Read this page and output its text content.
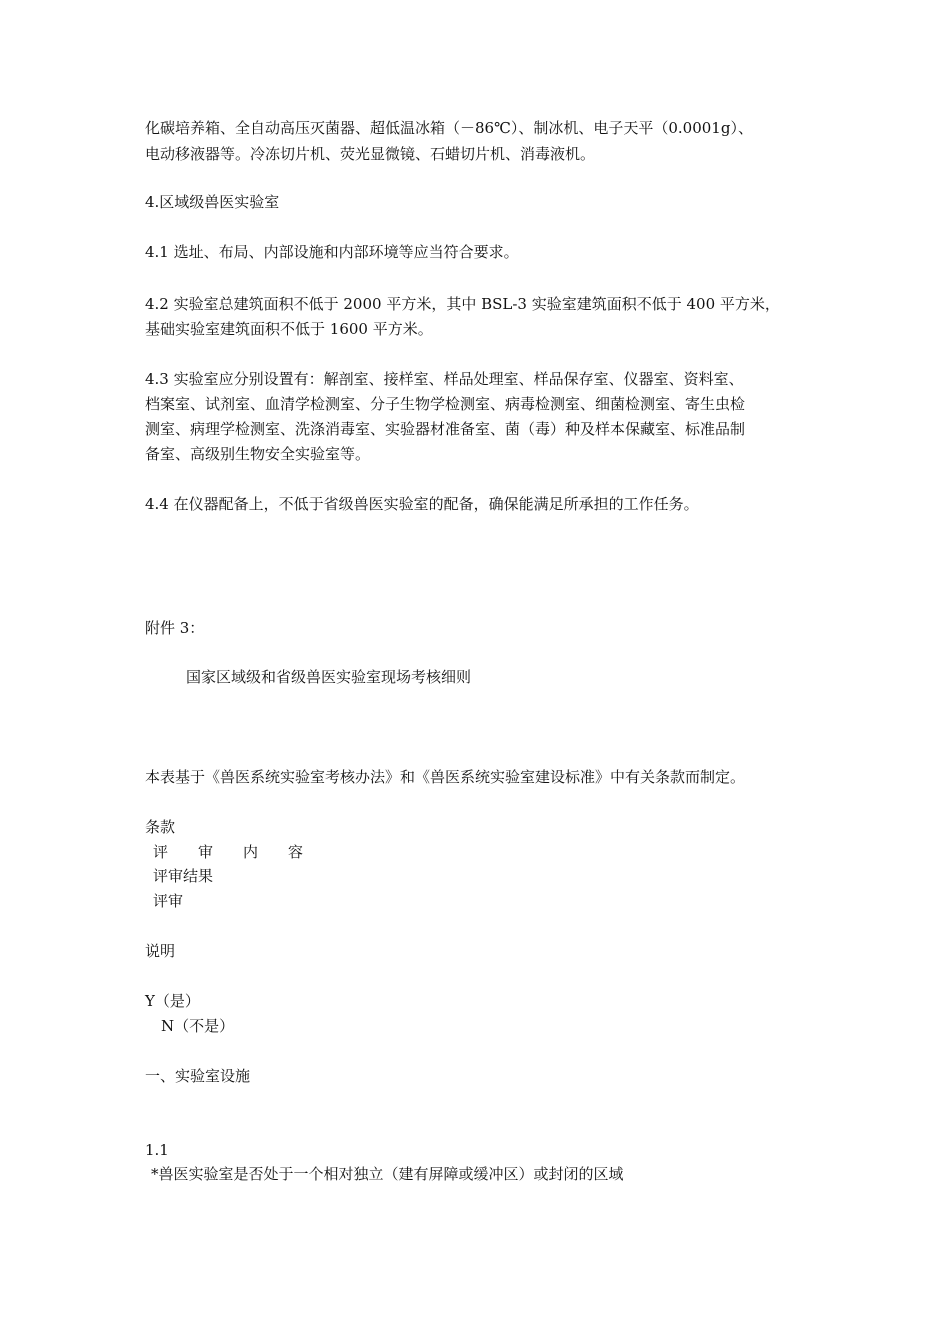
化碳培养箱、全自动高压灭菌器、超低温冰箱（－86℃）、制冰机、电子天平（0.0001g）、
电动移液器等。冷冻切片机、荧光显微镜、石蜡切片机、消毒液机。
4.区域级兽医实验室
4.1 选址、布局、内部设施和内部环境等应当符合要求。
4.2 实验室总建筑面积不低于 2000 平方米，其中 BSL-3 实验室建筑面积不低于 400 平方米，
基础实验室建筑面积不低于 1600 平方米。
4.3 实验室应分别设置有：解剖室、接样室、样品处理室、样品保存室、仪器室、资料室、
档案室、试剂室、血清学检测室、分子生物学检测室、病毒检测室、细菌检测室、寄生虫检
测室、病理学检测室、洗涤消毒室、实验器材准备室、菌（毒）种及样本保藏室、标准品制
备室、高级别生物安全实验室等。
4.4 在仪器配备上，不低于省级兽医实验室的配备，确保能满足所承担的工作任务。
附件 3：
国家区域级和省级兽医实验室现场考核细则
本表基于《兽医系统实验室考核办法》和《兽医系统实验室建设标准》中有关条款而制定。
条款
评　　审　　内　　容
评审结果
评审
说明
Y（是）
N（不是）
一、实验室设施
1.1
*兽医实验室是否处于一个相对独立（建有屏障或缓冲区）或封闭的区域
